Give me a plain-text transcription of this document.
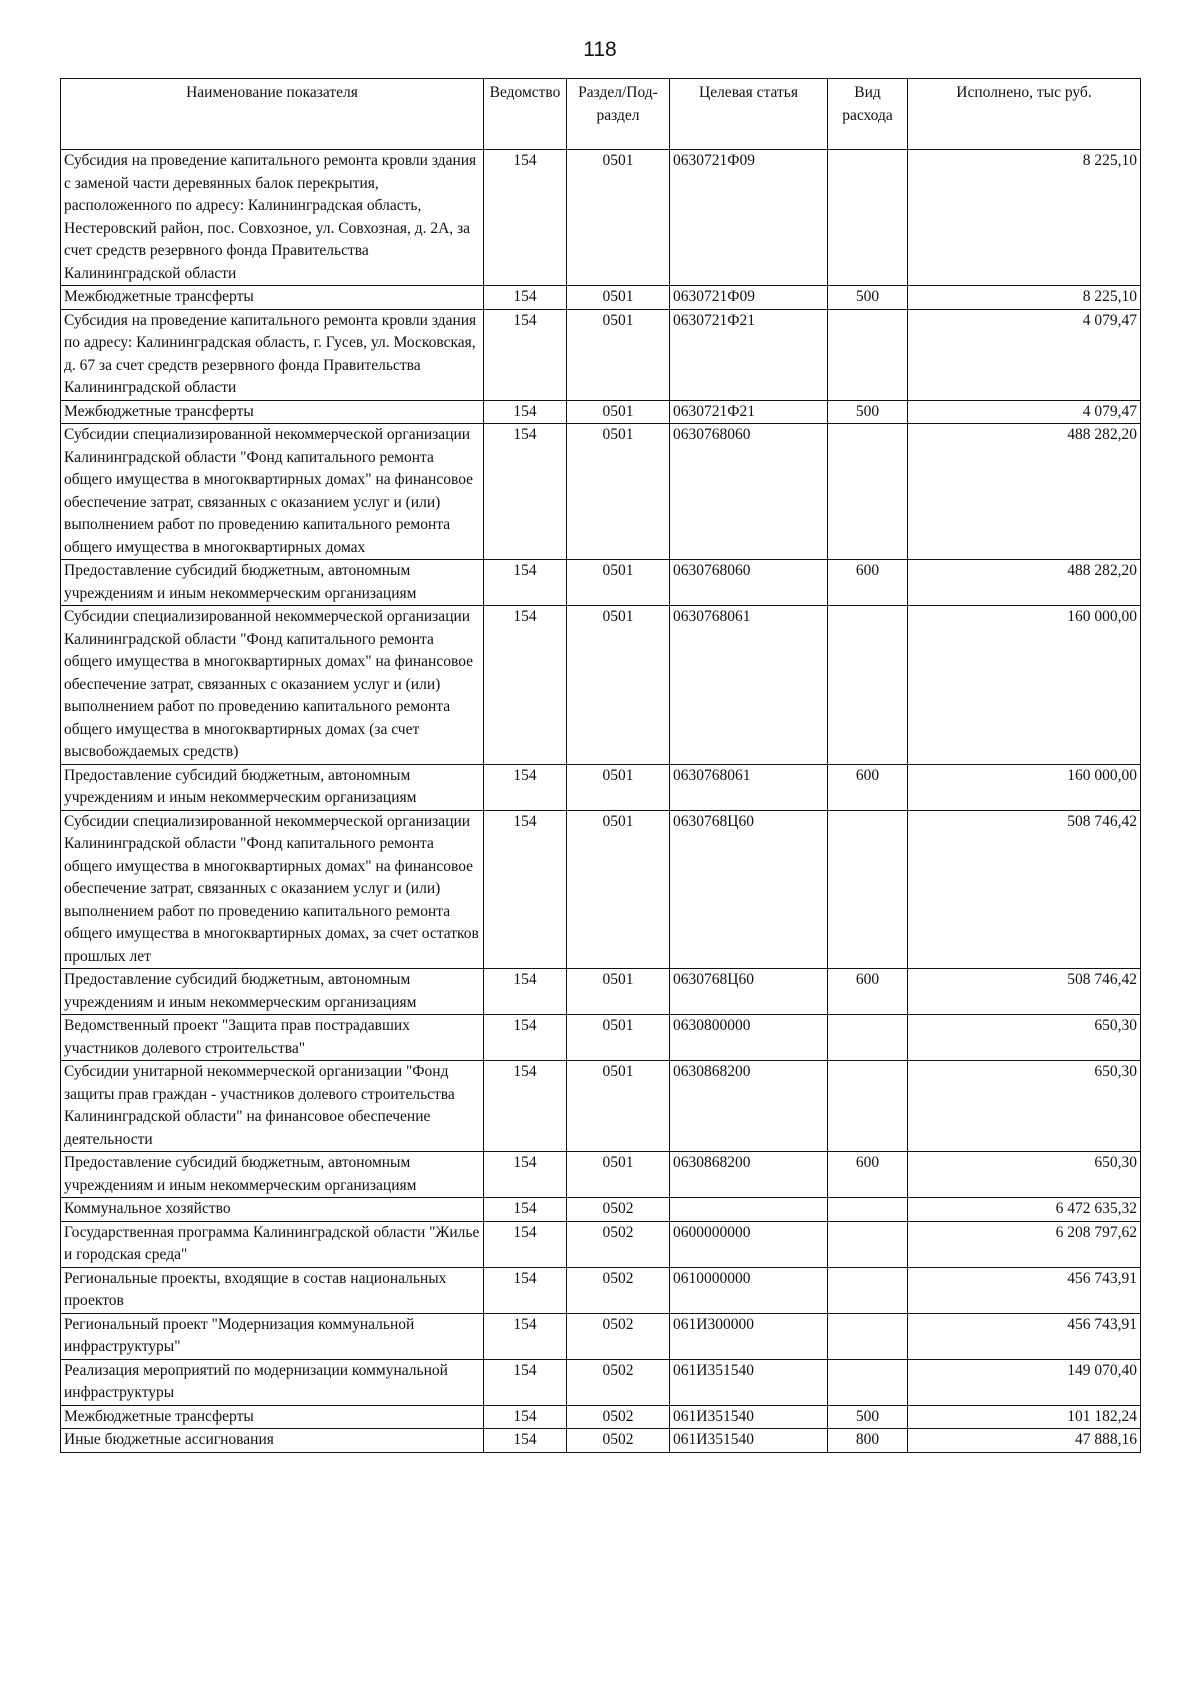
118
Наименование показателя	Ведомство	Раздел/Под-раздел	Целевая статья	Вид расхода	Исполнено, тыс руб.
Субсидия на проведение капитального ремонта кровли здания с заменой части деревянных балок перекрытия, расположенного по адресу: Калининградская область, Нестеровский район, пос. Совхозное, ул. Совхозная, д. 2А, за счет средств резервного фонда Правительства Калининградской области	154	0501	0630721Ф09		8 225,10
Межбюджетные трансферты	154	0501	0630721Ф09	500	8 225,10
Субсидия на проведение капитального ремонта кровли здания по адресу: Калининградская область, г. Гусев, ул. Московская, д. 67 за счет средств резервного фонда Правительства Калининградской области	154	0501	0630721Ф21		4 079,47
Межбюджетные трансферты	154	0501	0630721Ф21	500	4 079,47
Субсидии специализированной некоммерческой организации Калининградской области "Фонд капитального ремонта общего имущества в многоквартирных домах" на финансовое обеспечение затрат, связанных с оказанием услуг и (или) выполнением работ по проведению капитального ремонта общего имущества в многоквартирных домах	154	0501	0630768060		488 282,20
Предоставление субсидий бюджетным, автономным учреждениям и иным некоммерческим организациям	154	0501	0630768060	600	488 282,20
Субсидии специализированной некоммерческой организации Калининградской области "Фонд капитального ремонта общего имущества в многоквартирных домах" на финансовое обеспечение затрат, связанных с оказанием услуг и (или) выполнением работ по проведению капитального ремонта общего имущества в многоквартирных домах (за счет высвобождаемых средств)	154	0501	0630768061		160 000,00
Предоставление субсидий бюджетным, автономным учреждениям и иным некоммерческим организациям	154	0501	0630768061	600	160 000,00
Субсидии специализированной некоммерческой организации Калининградской области "Фонд капитального ремонта общего имущества в многоквартирных домах" на финансовое обеспечение затрат, связанных с оказанием услуг и (или) выполнением работ по проведению капитального ремонта общего имущества в многоквартирных домах, за счет остатков прошлых лет	154	0501	0630768Ц60		508 746,42
Предоставление субсидий бюджетным, автономным учреждениям и иным некоммерческим организациям	154	0501	0630768Ц60	600	508 746,42
Ведомственный проект "Защита прав пострадавших участников долевого строительства"	154	0501	0630800000		650,30
Субсидии унитарной некоммерческой организации "Фонд защиты прав граждан - участников долевого строительства Калининградской области" на финансовое обеспечение деятельности	154	0501	0630868200		650,30
Предоставление субсидий бюджетным, автономным учреждениям и иным некоммерческим организациям	154	0501	0630868200	600	650,30
Коммунальное хозяйство	154	0502			6 472 635,32
Государственная программа Калининградской области "Жилье и городская среда"	154	0502	0600000000		6 208 797,62
Региональные проекты, входящие в состав национальных проектов	154	0502	0610000000		456 743,91
Региональный проект "Модернизация коммунальной инфраструктуры"	154	0502	061И300000		456 743,91
Реализация мероприятий по модернизации коммунальной инфраструктуры	154	0502	061И351540		149 070,40
Межбюджетные трансферты	154	0502	061И351540	500	101 182,24
Иные бюджетные ассигнования	154	0502	061И351540	800	47 888,16
